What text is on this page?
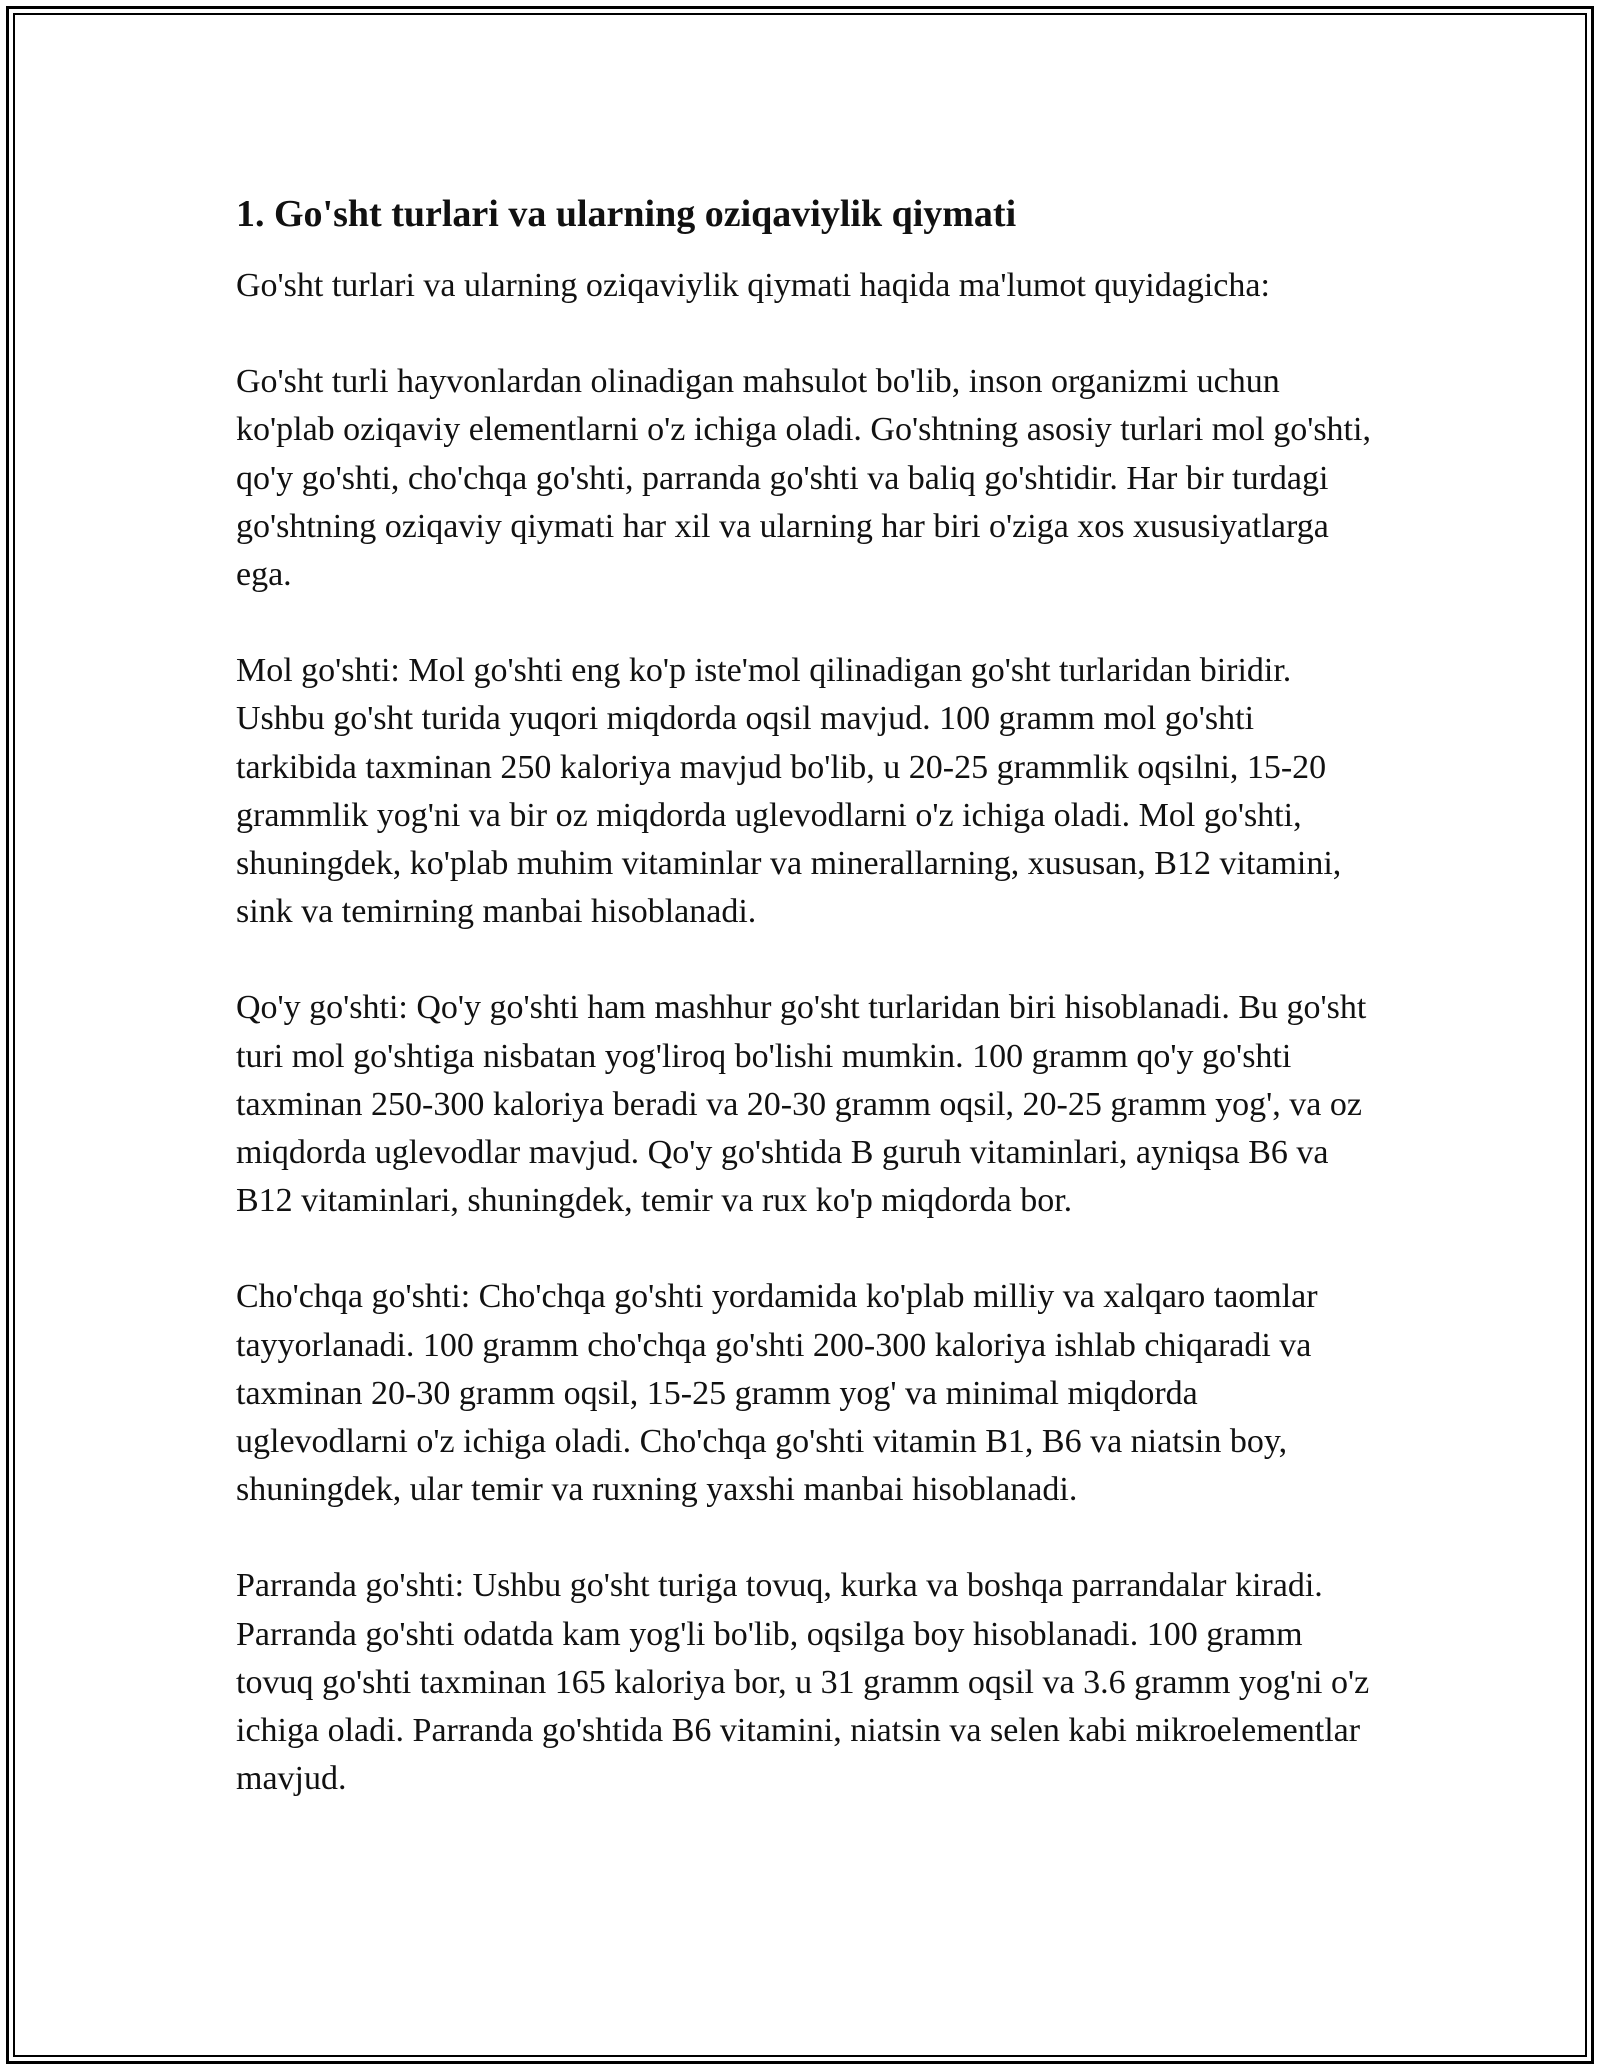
1. Go'sht turlari va ularning oziqaviylik qiymati

Go'sht turlari va ularning oziqaviylik qiymati haqida ma'lumot quyidagicha:

Go'sht turli hayvonlardan olinadigan mahsulot bo'lib, inson organizmi uchun ko'plab oziqaviy elementlarni o'z ichiga oladi. Go'shtning asosiy turlari mol go'shti, qo'y go'shti, cho'chqa go'shti, parranda go'shti va baliq go'shtidir. Har bir turdagi go'shtning oziqaviy qiymati har xil va ularning har biri o'ziga xos xususiyatlarga ega.

Mol go'shti: Mol go'shti eng ko'p iste'mol qilinadigan go'sht turlaridan biridir. Ushbu go'sht turida yuqori miqdorda oqsil mavjud. 100 gramm mol go'shti tarkibida taxminan 250 kaloriya mavjud bo'lib, u 20-25 grammlik oqsilni, 15-20 grammlik yog'ni va bir oz miqdorda uglevodlarni o'z ichiga oladi. Mol go'shti, shuningdek, ko'plab muhim vitaminlar va minerallarning, xususan, B12 vitamini, sink va temirning manbai hisoblanadi.

Qo'y go'shti: Qo'y go'shti ham mashhur go'sht turlaridan biri hisoblanadi. Bu go'sht turi mol go'shtiga nisbatan yog'liroq bo'lishi mumkin. 100 gramm qo'y go'shti taxminan 250-300 kaloriya beradi va 20-30 gramm oqsil, 20-25 gramm yog', va oz miqdorda uglevodlar mavjud. Qo'y go'shtida B guruh vitaminlari, ayniqsa B6 va B12 vitaminlari, shuningdek, temir va rux ko'p miqdorda bor.

Cho'chqa go'shti: Cho'chqa go'shti yordamida ko'plab milliy va xalqaro taomlar tayyorlanadi. 100 gramm cho'chqa go'shti 200-300 kaloriya ishlab chiqaradi va taxminan 20-30 gramm oqsil, 15-25 gramm yog' va minimal miqdorda uglevodlarni o'z ichiga oladi. Cho'chqa go'shti vitamin B1, B6 va niatsin boy, shuningdek, ular temir va ruxning yaxshi manbai hisoblanadi.

Parranda go'shti: Ushbu go'sht turiga tovuq, kurka va boshqa parrandalar kiradi. Parranda go'shti odatda kam yog'li bo'lib, oqsilga boy hisoblanadi. 100 gramm tovuq go'shti taxminan 165 kaloriya bor, u 31 gramm oqsil va 3.6 gramm yog'ni o'z ichiga oladi. Parranda go'shtida B6 vitamini, niatsin va selen kabi mikroelementlar mavjud.
